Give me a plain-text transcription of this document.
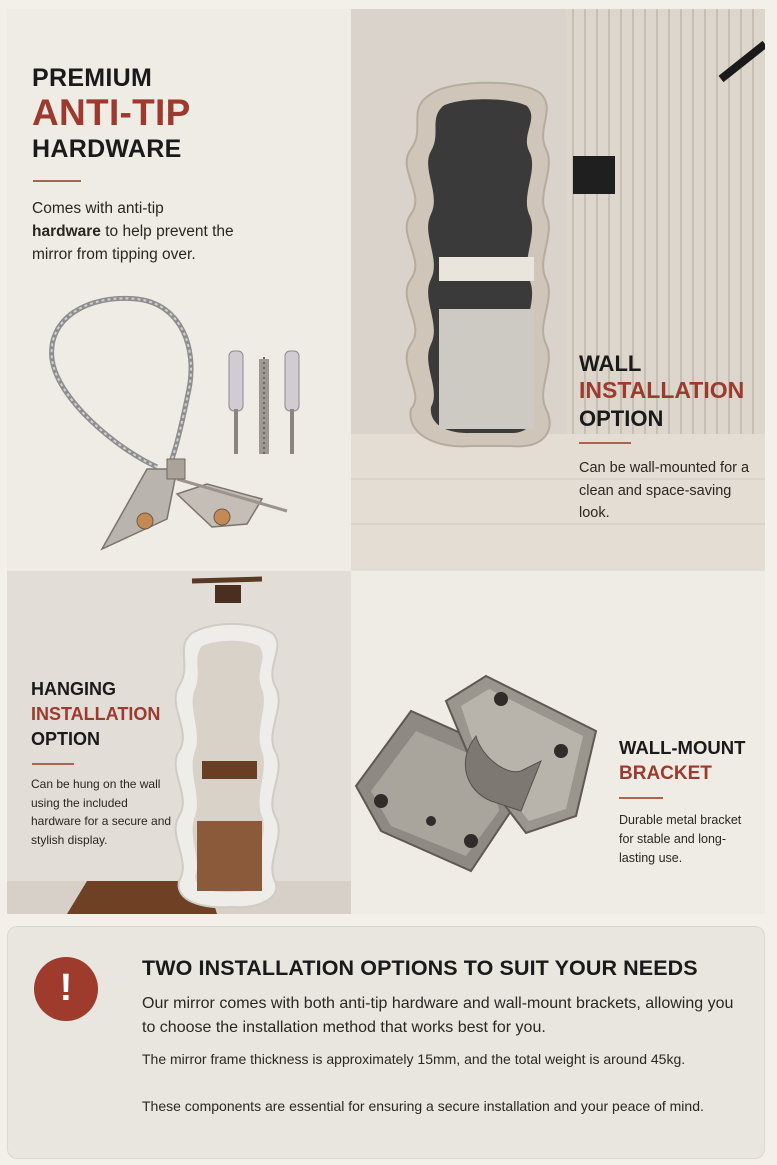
PREMIUM
ANTI-TIP
HARDWARE

Comes with anti-tip
hardware to help prevent the mirror from tipping over.

WALL
INSTALLATION
OPTION

Can be wall-mounted for a clean and space-saving look.

HANGING
INSTALLATION
OPTION

Can be hung on the wall using the included hardware for a secure and stylish display.

WALL-MOUNT
BRACKET

Durable metal bracket for stable and long-lasting use.

!	TWO INSTALLATION OPTIONS TO SUIT YOUR NEEDS

Our mirror comes with both anti-tip hardware and wall-mount brackets, allowing you to choose the installation method that works best for you.

The mirror frame thickness is approximately 15mm, and the total weight is around 45kg.

These components are essential for ensuring a secure installation and your peace of mind.
